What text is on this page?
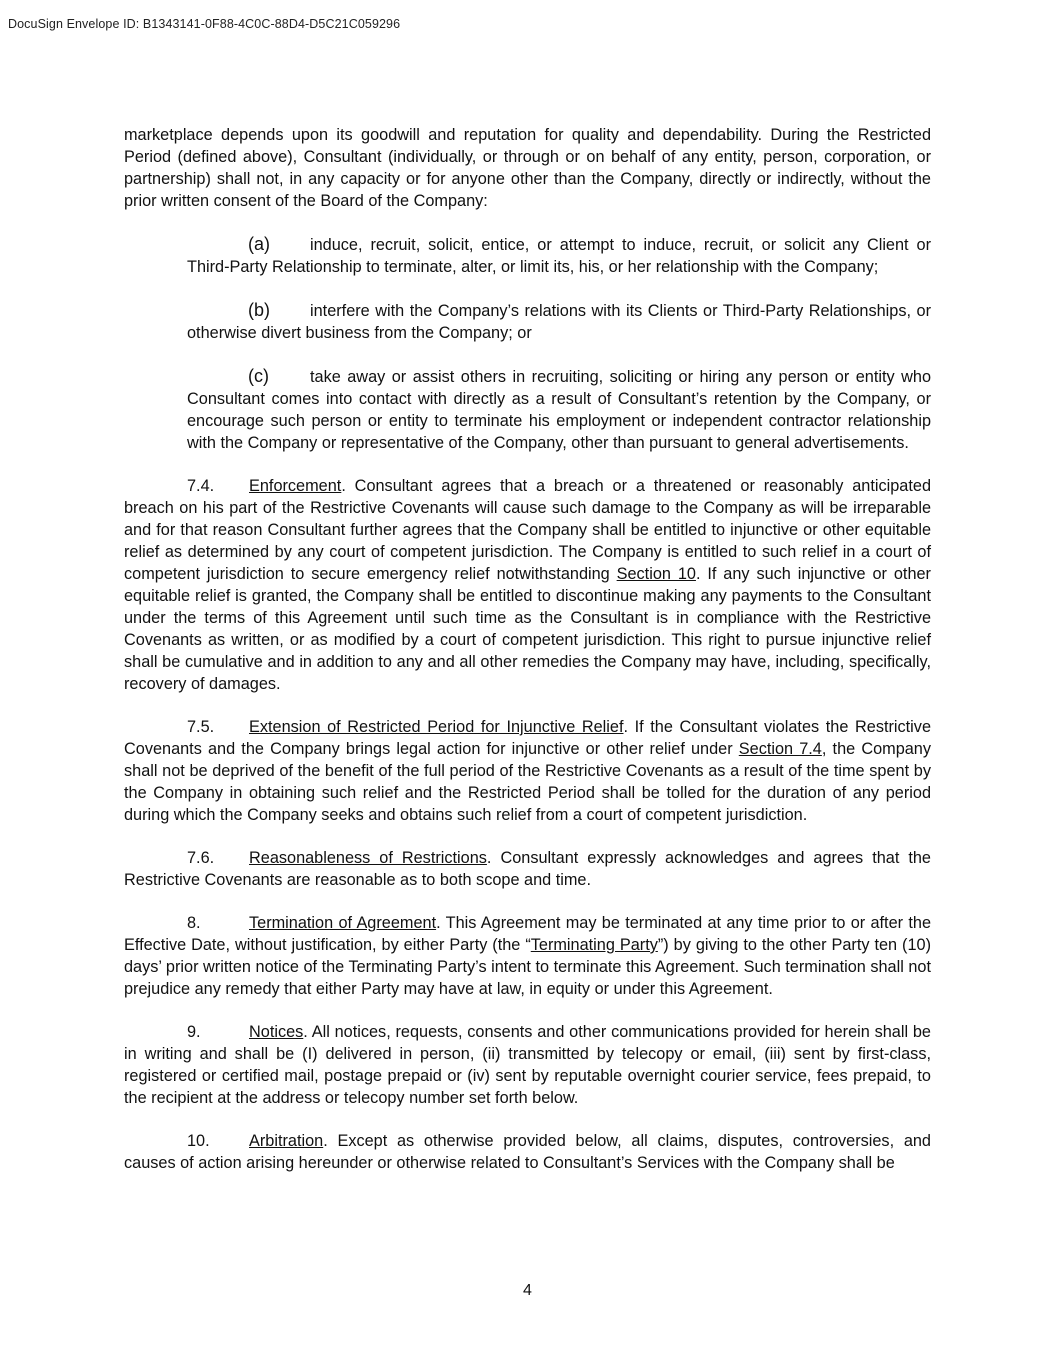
DocuSign Envelope ID: B1343141-0F88-4C0C-88D4-D5C21C059296

marketplace depends upon its goodwill and reputation for quality and dependability. During the Restricted Period (defined above), Consultant (individually, or through or on behalf of any entity, person, corporation, or partnership) shall not, in any capacity or for anyone other than the Company, directly or indirectly, without the prior written consent of the Board of the Company:

(a) induce, recruit, solicit, entice, or attempt to induce, recruit, or solicit any Client or Third-Party Relationship to terminate, alter, or limit its, his, or her relationship with the Company;

(b) interfere with the Company’s relations with its Clients or Third-Party Relationships, or otherwise divert business from the Company; or

(c)	take away or assist others in recruiting, soliciting or hiring any person or entity who Consultant comes into contact with directly as a result of Consultant’s retention by the Company, or encourage such person or entity to terminate his employment or independent contractor relationship with the Company or representative of the Company, other than pursuant to general advertisements.

7.4. Enforcement. Consultant agrees that a breach or a threatened or reasonably anticipated breach on his part of the Restrictive Covenants will cause such damage to the Company as will be irreparable and for that reason Consultant further agrees that the Company shall be entitled to injunctive or other equitable relief as determined by any court of competent jurisdiction. The Company is entitled to such relief in a court of competent jurisdiction to secure emergency relief notwithstanding Section 10. If any such injunctive or other equitable relief is granted, the Company shall be entitled to discontinue making any payments to the Consultant under the terms of this Agreement until such time as the Consultant is in compliance with the Restrictive Covenants as written, or as modified by a court of competent jurisdiction. This right to pursue injunctive relief shall be cumulative and in addition to any and all other remedies the Company may have, including, specifically, recovery of damages.

7.5. Extension of Restricted Period for Injunctive Relief. If the Consultant violates the Restrictive Covenants and the Company brings legal action for injunctive or other relief under Section 7.4, the Company shall not be deprived of the benefit of the full period of the Restrictive Covenants as a result of the time spent by the Company in obtaining such relief and the Restricted Period shall be tolled for the duration of any period during which the Company seeks and obtains such relief from a court of competent jurisdiction.

7.6. Reasonableness of Restrictions. Consultant expressly acknowledges and agrees that the Restrictive Covenants are reasonable as to both scope and time.

8.	Termination of Agreement. This Agreement may be terminated at any time prior to or after the Effective Date, without justification, by either Party (the “Terminating Party”) by giving to the other Party ten (10) days’ prior written notice of the Terminating Party’s intent to terminate this Agreement. Such termination shall not prejudice any remedy that either Party may have at law, in equity or under this Agreement.

9.	Notices. All notices, requests, consents and other communications provided for herein shall be in writing and shall be (I) delivered in person, (ii) transmitted by telecopy or email, (iii) sent by first-class, registered or certified mail, postage prepaid or (iv) sent by reputable overnight courier service, fees prepaid, to the recipient at the address or telecopy number set forth below.

10. Arbitration. Except as otherwise provided below, all claims, disputes, controversies, and causes of action arising hereunder or otherwise related to Consultant’s Services with the Company shall be

4
